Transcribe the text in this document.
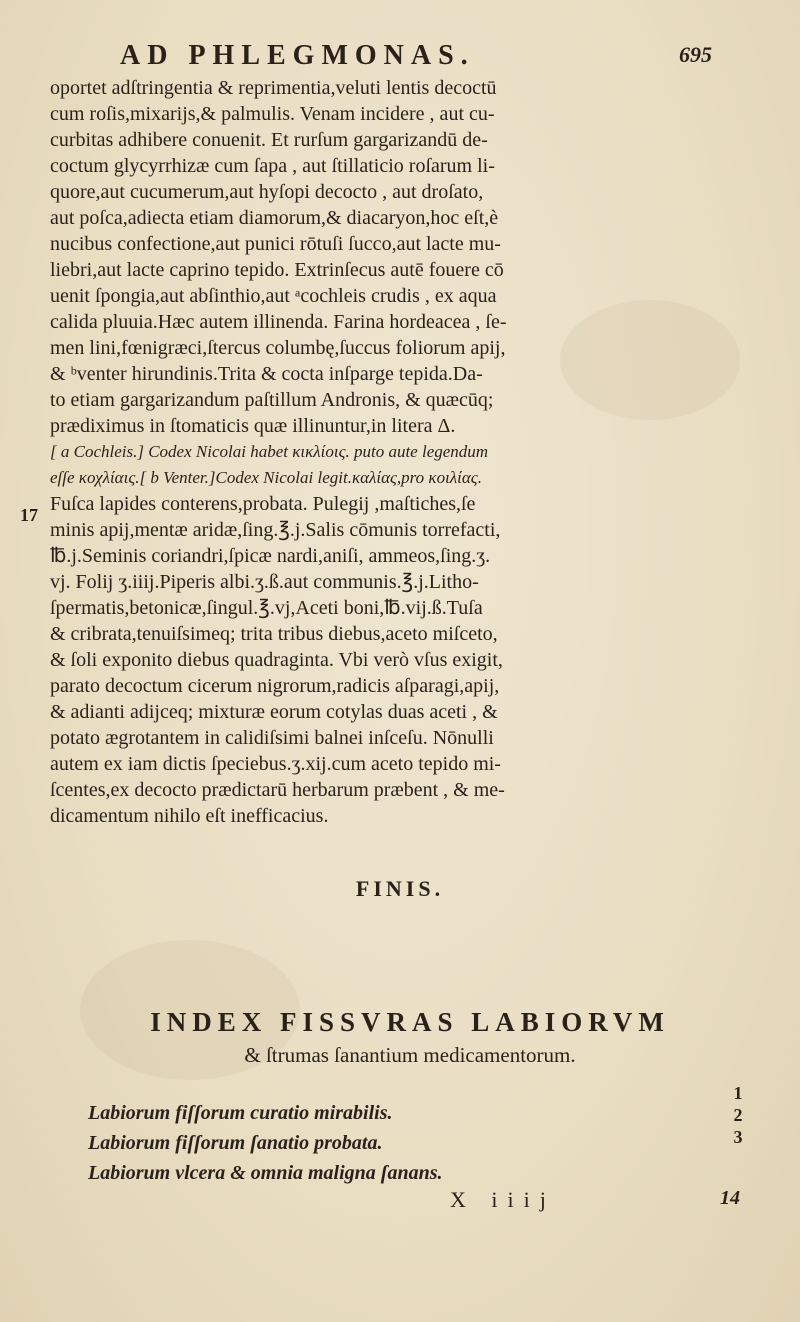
AD PHLEGMONAS.	695
oportet adſtringentia & reprimentia,veluti lentis decoctū
cum roſis,mixarijs,& palmulis. Venam incidere , aut cu-
curbitas adhibere conuenit. Et rurſum gargarizandū de-
coctum glycyrrhizæ cum ſapa , aut ſtillaticio roſarum li-
quore,aut cucumerum,aut hyſopi decocto , aut droſato,
aut poſca,adiecta etiam diamorum,& diacaryon,hoc eſt,è
nucibus confectione,aut punici rōtuſi ſucco,aut lacte mu-
liebri,aut lacte caprino tepido. Extrinſecus autē fouere cō
uenit ſpongia,aut abſinthio,aut ᵃcochleis crudis , ex aqua
calida pluuia.Hæc autem illinenda. Farina hordeacea , ſe-
men lini,fœnigræci,ſtercus columbę,ſuccus foliorum apij,
& ᵇventer hirundinis.Trita & cocta inſparge tepida.Da-
to etiam gargarizandum paſtillum Andronis, & quæcūq;
prædiximus in ſtomaticis quæ illinuntur,in litera Δ.
[ a Cochleis.] Codex Nicolai habet κικλίοις. puto aute legendum
eſſe κοχλίαις.[ b Venter.]Codex Nicolai legit.καλίας,pro κοιλίας.
Fuſca lapides conterens,probata. Pulegij ,maſtiches,ſe
minis apij,mentæ aridæ,ſing.℥.j.Salis cōmunis torrefacti,
℔.j.Seminis coriandri,ſpicæ nardi,aniſi, ammeos,ſing.ʒ.
vj. Folij ʒ.iiij.Piperis albi.ʒ.ß.aut communis.℥.j.Litho-
ſpermatis,betonicæ,ſingul.℥.vj,Aceti boni,℔.vij.ß.Tuſa
& cribrata,tenuiſsimeq; trita tribus diebus,aceto miſceto,
& ſoli exponito diebus quadraginta. Vbi verò vſus exigit,
parato decoctum cicerum nigrorum,radicis aſparagi,apij,
& adianti adijceq; mixturæ eorum cotylas duas aceti , &
potato ægrotantem in calidiſsimi balnei inſceſu. Nōnulli
autem ex iam dictis ſpeciebus.ʒ.xij.cum aceto tepido mi-
ſcentes,ex decocto prædictarū herbarum præbent , & me-
dicamentum nihilo eſt inefficacius.
17
FINIS.
INDEX FISSVRAS LABIORVM
& ſtrumas ſanantium medicamentorum.
Labiorum fiſſorum curatio mirabilis.
Labiorum fiſſorum ſanatio probata.
Labiorum vlcera & omnia maligna ſanans.
1
2
3
X iiij	14
